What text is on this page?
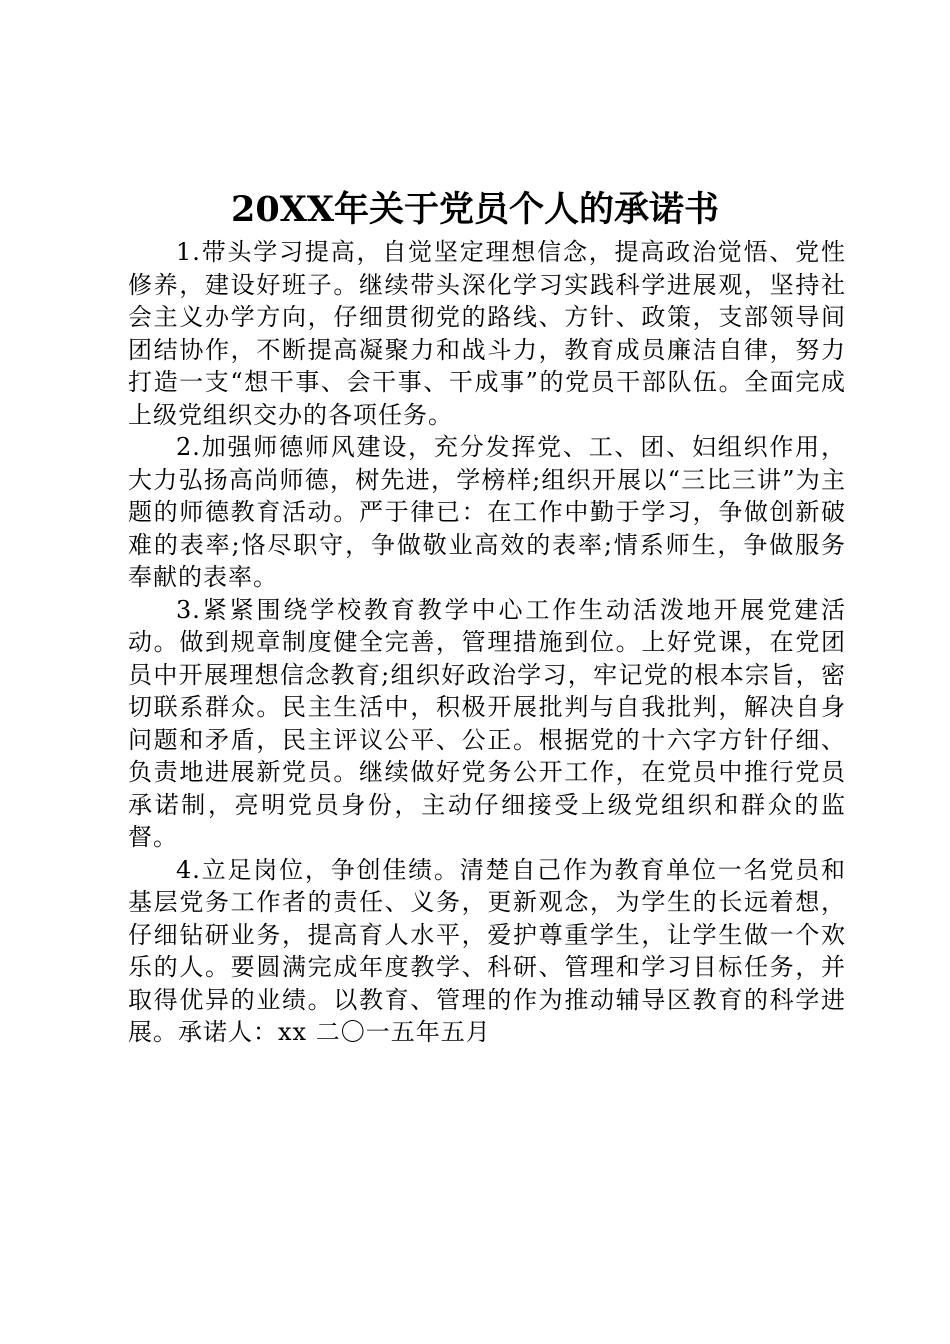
20XX年关于党员个人的承诺书

1.带头学习提高，自觉坚定理想信念，提高政治觉悟、党性修养，建设好班子。继续带头深化学习实践科学进展观，坚持社会主义办学方向，仔细贯彻党的路线、方针、政策，支部领导间团结协作，不断提高凝聚力和战斗力，教育成员廉洁自律，努力打造一支“想干事、会干事、干成事”的党员干部队伍。全面完成上级党组织交办的各项任务。

2.加强师德师风建设，充分发挥党、工、团、妇组织作用，大力弘扬高尚师德，树先进，学榜样;组织开展以“三比三讲”为主题的师德教育活动。严于律已：在工作中勤于学习，争做创新破难的表率;恪尽职守，争做敬业高效的表率;情系师生，争做服务奉献的表率。

3.紧紧围绕学校教育教学中心工作生动活泼地开展党建活动。做到规章制度健全完善，管理措施到位。上好党课，在党团员中开展理想信念教育;组织好政治学习，牢记党的根本宗旨，密切联系群众。民主生活中，积极开展批判与自我批判，解决自身问题和矛盾，民主评议公平、公正。根据党的十六字方针仔细、负责地进展新党员。继续做好党务公开工作，在党员中推行党员承诺制，亮明党员身份，主动仔细接受上级党组织和群众的监督。

4.立足岗位，争创佳绩。清楚自己作为教育单位一名党员和基层党务工作者的责任、义务，更新观念，为学生的长远着想，仔细钻研业务，提高育人水平，爱护尊重学生，让学生做一个欢乐的人。要圆满完成年度教学、科研、管理和学习目标任务，并取得优异的业绩。以教育、管理的作为推动辅导区教育的科学进展。承诺人：xx 二〇一五年五月
